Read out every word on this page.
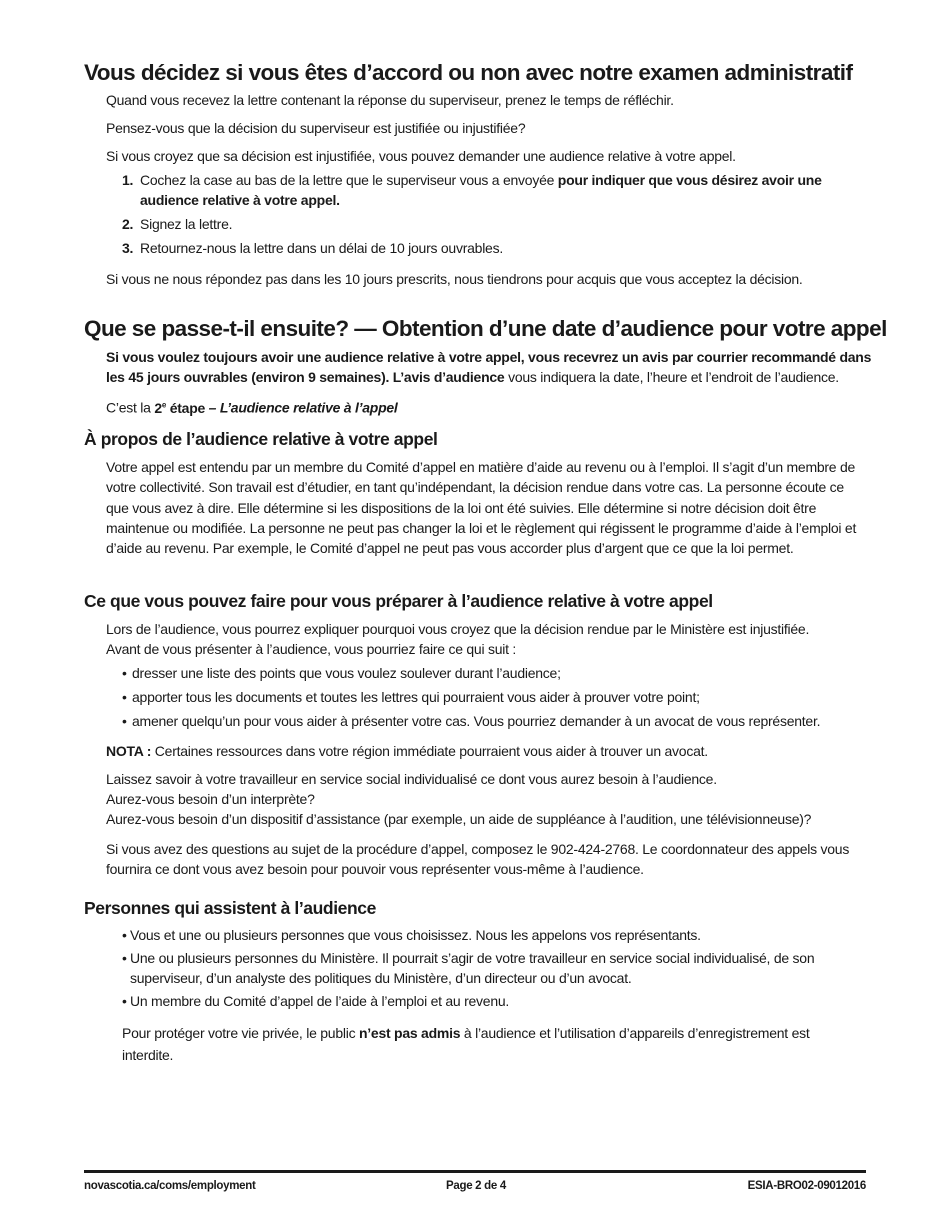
Vous décidez si vous êtes d’accord ou non avec notre examen administratif

Quand vous recevez la lettre contenant la réponse du superviseur, prenez le temps de réfléchir.

Pensez-vous que la décision du superviseur est justifiée ou injustifiée?

Si vous croyez que sa décision est injustifiée, vous pouvez demander une audience relative à votre appel.

1. Cochez la case au bas de la lettre que le superviseur vous a envoyée pour indiquer que vous désirez avoir une audience relative à votre appel.
2. Signez la lettre.
3. Retournez-nous la lettre dans un délai de 10 jours ouvrables.

Si vous ne nous répondez pas dans les 10 jours prescrits, nous tiendrons pour acquis que vous acceptez la décision.

Que se passe-t-il ensuite? — Obtention d’une date d’audience pour votre appel

Si vous voulez toujours avoir une audience relative à votre appel, vous recevrez un avis par courrier recommandé dans les 45 jours ouvrables (environ 9 semaines). L’avis d’audience vous indiquera la date, l’heure et l’endroit de l’audience.

C’est la 2e étape – L’audience relative à l’appel

À propos de l’audience relative à votre appel

Votre appel est entendu par un membre du Comité d’appel en matière d’aide au revenu ou à l’emploi. Il s’agit d’un membre de votre collectivité. Son travail est d’étudier, en tant qu’indépendant, la décision rendue dans votre cas. La personne écoute ce que vous avez à dire. Elle détermine si les dispositions de la loi ont été suivies. Elle détermine si notre décision doit être maintenue ou modifiée. La personne ne peut pas changer la loi et le règlement qui régissent le programme d’aide à l’emploi et d’aide au revenu. Par exemple, le Comité d’appel ne peut pas vous accorder plus d’argent que ce que la loi permet.

Ce que vous pouvez faire pour vous préparer à l’audience relative à votre appel

Lors de l’audience, vous pourrez expliquer pourquoi vous croyez que la décision rendue par le Ministère est injustifiée.

Avant de vous présenter à l’audience, vous pourriez faire ce qui suit :

• dresser une liste des points que vous voulez soulever durant l’audience;
• apporter tous les documents et toutes les lettres qui pourraient vous aider à prouver votre point;
• amener quelqu’un pour vous aider à présenter votre cas. Vous pourriez demander à un avocat de vous représenter.

NOTA : Certaines ressources dans votre région immédiate pourraient vous aider à trouver un avocat.

Laissez savoir à votre travailleur en service social individualisé ce dont vous aurez besoin à l’audience.

Aurez-vous besoin d’un interprète?

Aurez-vous besoin d’un dispositif d’assistance (par exemple, un aide de suppléance à l’audition, une télévisionneuse)?

Si vous avez des questions au sujet de la procédure d’appel, composez le 902-424-2768. Le coordonnateur des appels vous fournira ce dont vous avez besoin pour pouvoir vous représenter vous-même à l’audience.

Personnes qui assistent à l’audience
• Vous et une ou plusieurs personnes que vous choisissez. Nous les appelons vos représentants.
• Une ou plusieurs personnes du Ministère. Il pourrait s’agir de votre travailleur en service social individualisé, de son superviseur, d’un analyste des politiques du Ministère, d’un directeur ou d’un avocat.
• Un membre du Comité d’appel de l’aide à l’emploi et au revenu.

Pour protéger votre vie privée, le public n’est pas admis à l’audience et l’utilisation d’appareils d’enregistrement est interdite.

novascotia.ca/coms/employment	Page 2 de 4	ESIA-BRO02-09012016
